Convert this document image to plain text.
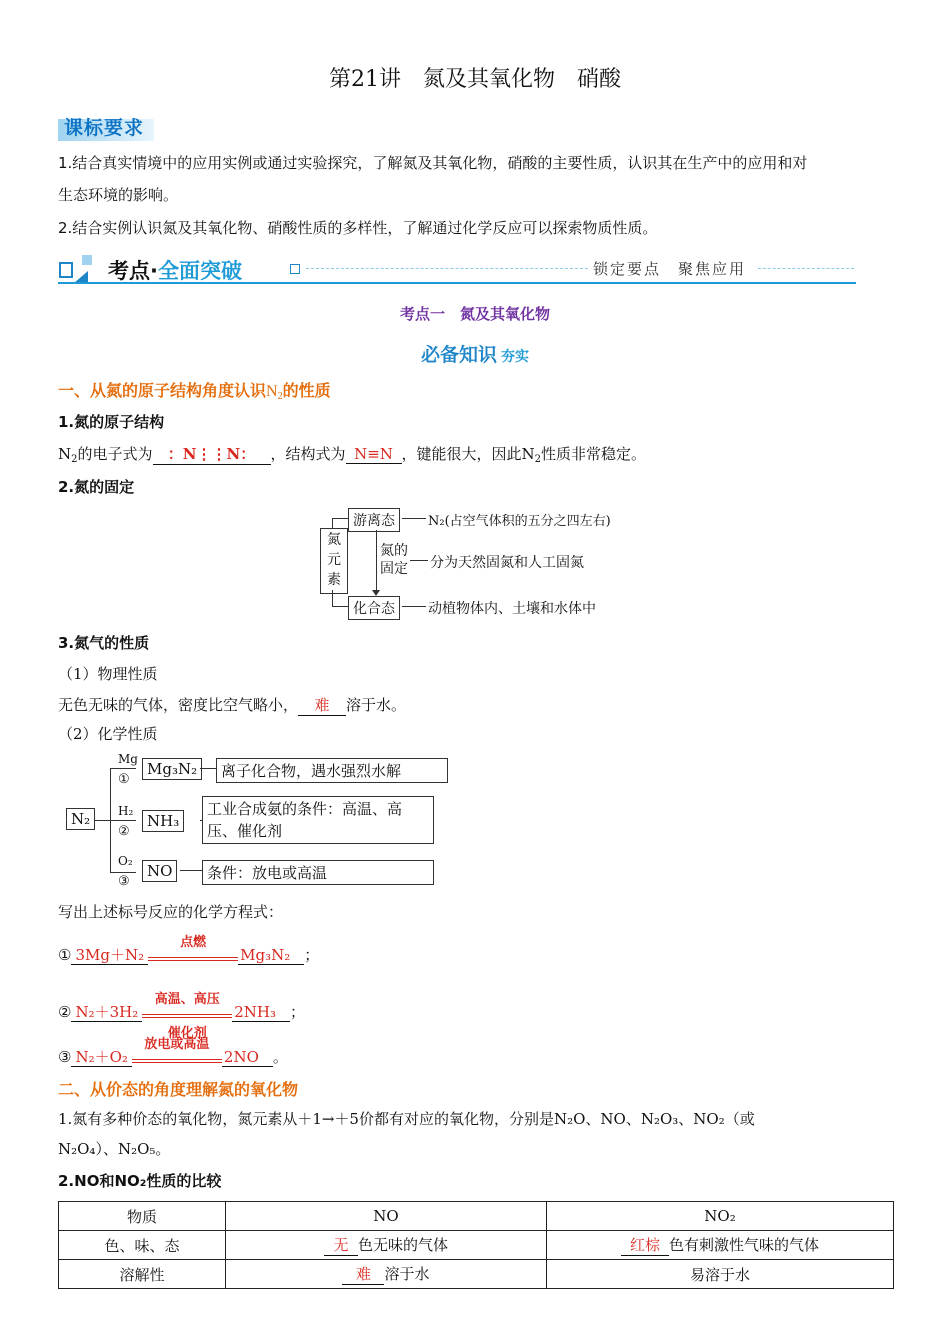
第21讲　氮及其氧化物　硝酸
课标要求

1.结合真实情境中的应用实例或通过实验探究，了解氮及其氧化物，硝酸的主要性质，认识其在生产中的应用和对

生态环境的影响。

2.结合实例认识氮及其氧化物、硝酸性质的多样性，了解通过化学反应可以探索物质性质。

考点·全面突破	锁定要点　聚焦应用
考点一　氮及其氧化物
必备知识 夯实
一、从氮的原子结构角度认识$N_2$的性质
1.氮的原子结构
$N_2$的电子式为 ：N⋮⋮N： ，结构式为 N≡N ，键能很大，因此$N_2$性质非常稳定。
2.氮的固定
氮元素
游离态	N₂(占空气体积的五分之四左右)
氮的固定 分为天然固氮和人工固氮
化合态	动植物体内、土壤和水体中
3.氮气的性质
（1）物理性质
无色无味的气体，密度比空气略小， 难 溶于水。
（2）化学性质
N₂
Mg
①
H₂
②
O₂
③
Mg₃N₂
NH₃
NO
离子化合物，遇水强烈水解
工业合成氨的条件：高温、高
压、催化剂
条件：放电或高温
写出上述标号反应的化学方程式：
① 3Mg＋N₂
点燃
Mg₃N₂ ；
② N₂＋3H₂
高温、高压
催化剂
2NH₃ ；
③ N₂＋O₂
放电或高温
2NO 。
二、从价态的角度理解氮的氧化物
1.氮有多种价态的氧化物，氮元素从＋1→＋5价都有对应的氧化物，分别是N₂O、NO、N₂O₃、NO₂（或
N₂O₄）、N₂O₅。
2.NO和NO₂性质的比较
物质	NO	NO₂
色、味、态	无 色无味的气体	红棕 色有刺激性气味的气体
溶解性	难 溶于水	易溶于水
